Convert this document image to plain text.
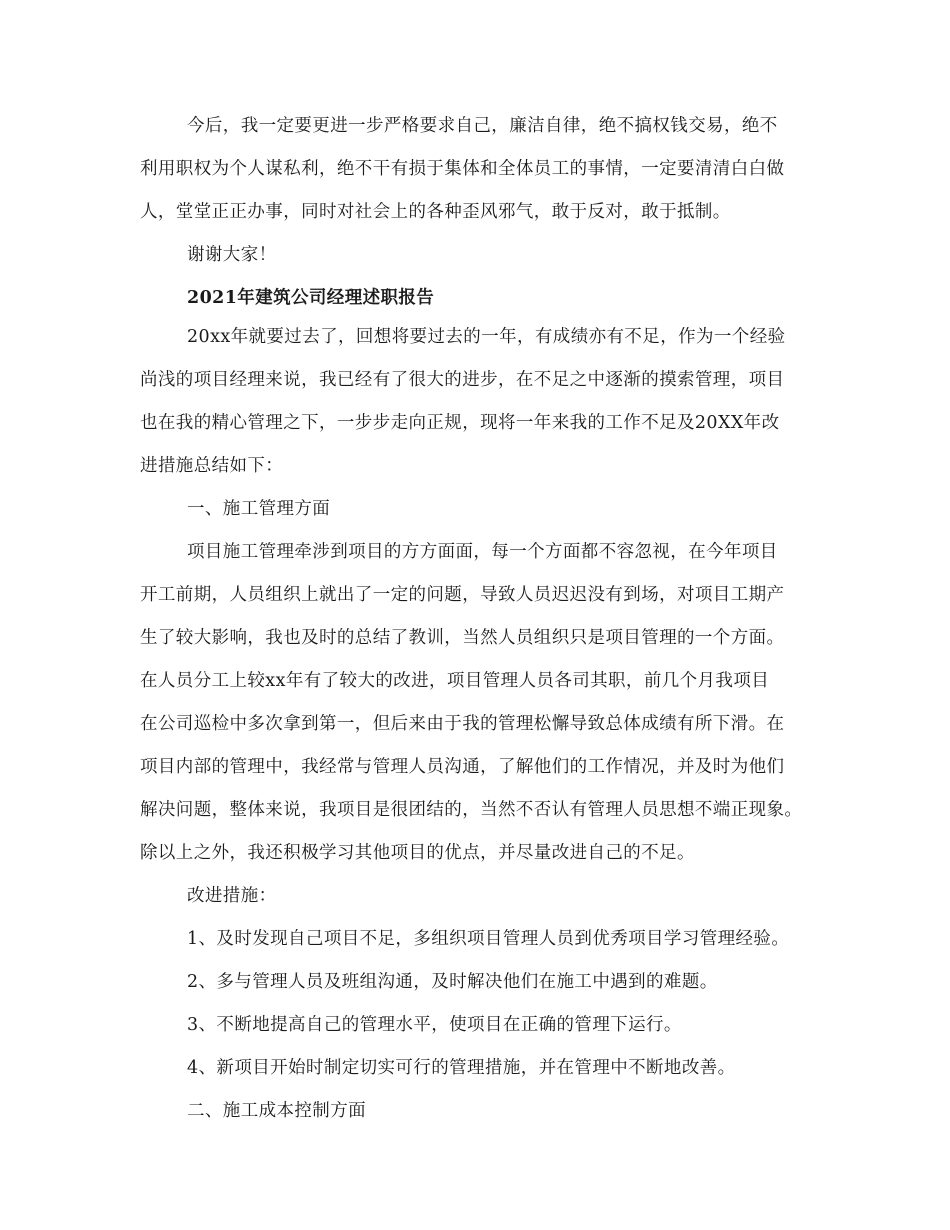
今后，我一定要更进一步严格要求自己，廉洁自律，绝不搞权钱交易，绝不
利用职权为个人谋私利，绝不干有损于集体和全体员工的事情，一定要清清白白做
人，堂堂正正办事，同时对社会上的各种歪风邪气，敢于反对，敢于抵制。
谢谢大家！
2021年建筑公司经理述职报告
20xx年就要过去了，回想将要过去的一年，有成绩亦有不足，作为一个经验
尚浅的项目经理来说，我已经有了很大的进步，在不足之中逐渐的摸索管理，项目
也在我的精心管理之下，一步步走向正规，现将一年来我的工作不足及20XX年改
进措施总结如下：
一、施工管理方面
项目施工管理牵涉到项目的方方面面，每一个方面都不容忽视，在今年项目
开工前期，人员组织上就出了一定的问题，导致人员迟迟没有到场，对项目工期产
生了较大影响，我也及时的总结了教训，当然人员组织只是项目管理的一个方面。
在人员分工上较xx年有了较大的改进，项目管理人员各司其职，前几个月我项目
在公司巡检中多次拿到第一，但后来由于我的管理松懈导致总体成绩有所下滑。在
项目内部的管理中，我经常与管理人员沟通，了解他们的工作情况，并及时为他们
解决问题，整体来说，我项目是很团结的，当然不否认有管理人员思想不端正现象。
除以上之外，我还积极学习其他项目的优点，并尽量改进自己的不足。
改进措施：
1、及时发现自己项目不足，多组织项目管理人员到优秀项目学习管理经验。
2、多与管理人员及班组沟通，及时解决他们在施工中遇到的难题。
3、不断地提高自己的管理水平，使项目在正确的管理下运行。
4、新项目开始时制定切实可行的管理措施，并在管理中不断地改善。
二、施工成本控制方面
